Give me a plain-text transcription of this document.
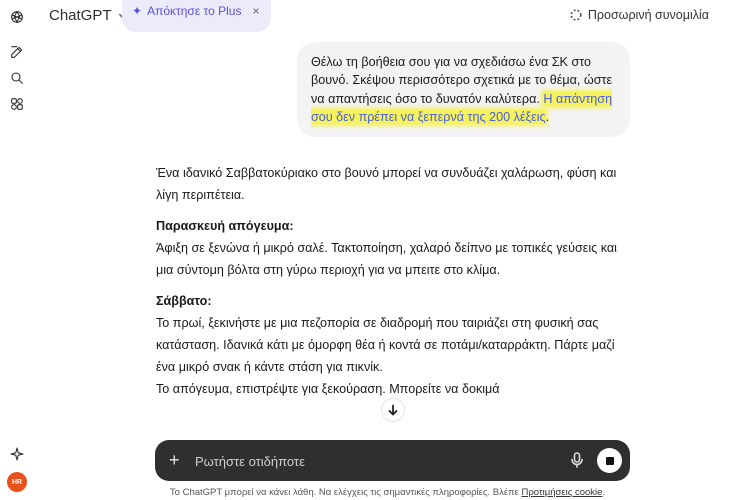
HR
ChatGPT ✦ Απόκτησε το Plus ×	Προσωρινή συνομιλία
Θέλω τη βοήθεια σου για να σχεδιάσω ένα ΣΚ στο βουνό. Σκέψου περισσότερο σχετικά με το θέμα, ώστε να απαντήσεις όσο το δυνατόν καλύτερα. Η απάντηση σου δεν πρέπει να ξεπερνά της 200 λέξεις.

Ένα ιδανικό Σαββατοκύριακο στο βουνό μπορεί να συνδυάζει χαλάρωση, φύση και λίγη περιπέτεια.

Παρασκευή απόγευμα:
Άφιξη σε ξενώνα ή μικρό σαλέ. Τακτοποίηση, χαλαρό δείπνο με τοπικές γεύσεις και μια σύντομη βόλτα στη γύρω περιοχή για να μπειτε στο κλίμα.
Σάββατο:
Το πρωί, ξεκινήστε με μια πεζοπορία σε διαδρομή που ταιριάζει στη φυσική σας κατάσταση. Ιδανικά κάτι με όμορφη θέα ή κοντά σε ποτάμι/καταρράκτη. Πάρτε μαζί ένα μικρό σνακ ή κάντε στάση για πικνίκ.
Το απόγευμα, επιστρέψτε για ξεκούραση. Μπορείτε να δοκιμά
+
Ρωτήστε οτιδήποτε
Το ChatGPT μπορεί να κάνει λάθη. Να ελέγχεις τις σημαντικές πληροφορίες. Βλέπε Προτιμήσεις cookie.
